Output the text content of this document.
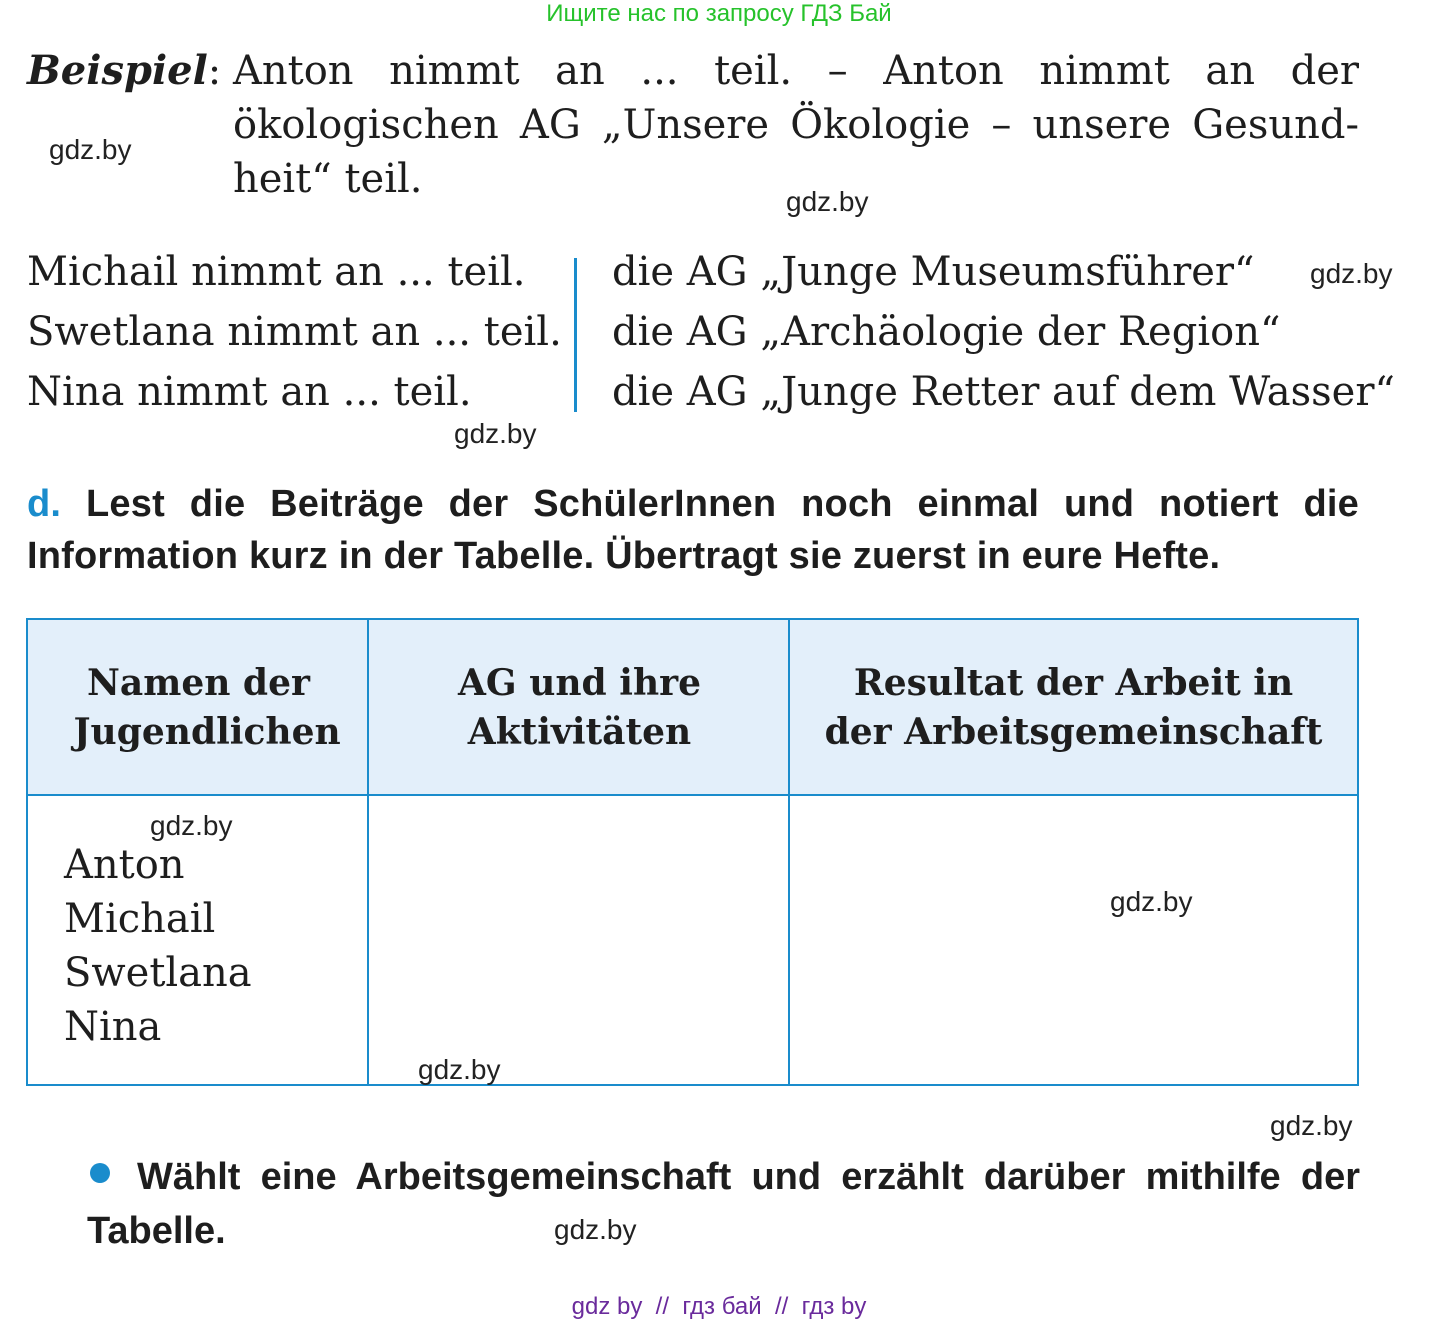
Ищите нас по запросу ГДЗ Бай
Beispiel: Anton nimmt an ... teil. – Anton nimmt an der ökologischen AG „Unsere Ökologie – unsere Gesund-heit“ teil.
Michail nimmt an ... teil.
Swetlana nimmt an ... teil.
Nina nimmt an ... teil.
die AG „Junge Museumsführer“
die AG „Archäologie der Region“
die AG „Junge Retter auf dem Wasser“
d. Lest die Beiträge der SchülerInnen noch einmal und notiert die Information kurz in der Tabelle. Übertragt sie zuerst in eure Hefte.
Namen der Jugendlichen
AG und ihre Aktivitäten
Resultat der Arbeit in der Arbeitsgemeinschaft
Anton
Michail
Swetlana
Nina
Wählt eine Arbeitsgemeinschaft und erzählt darüber mithilfe der Tabelle.
gdz.by
gdz.by
gdz.by
gdz.by
gdz.by
gdz.by
gdz.by
gdz.by
gdz.by
gdz by  //  гдз бай  //  гдз by
